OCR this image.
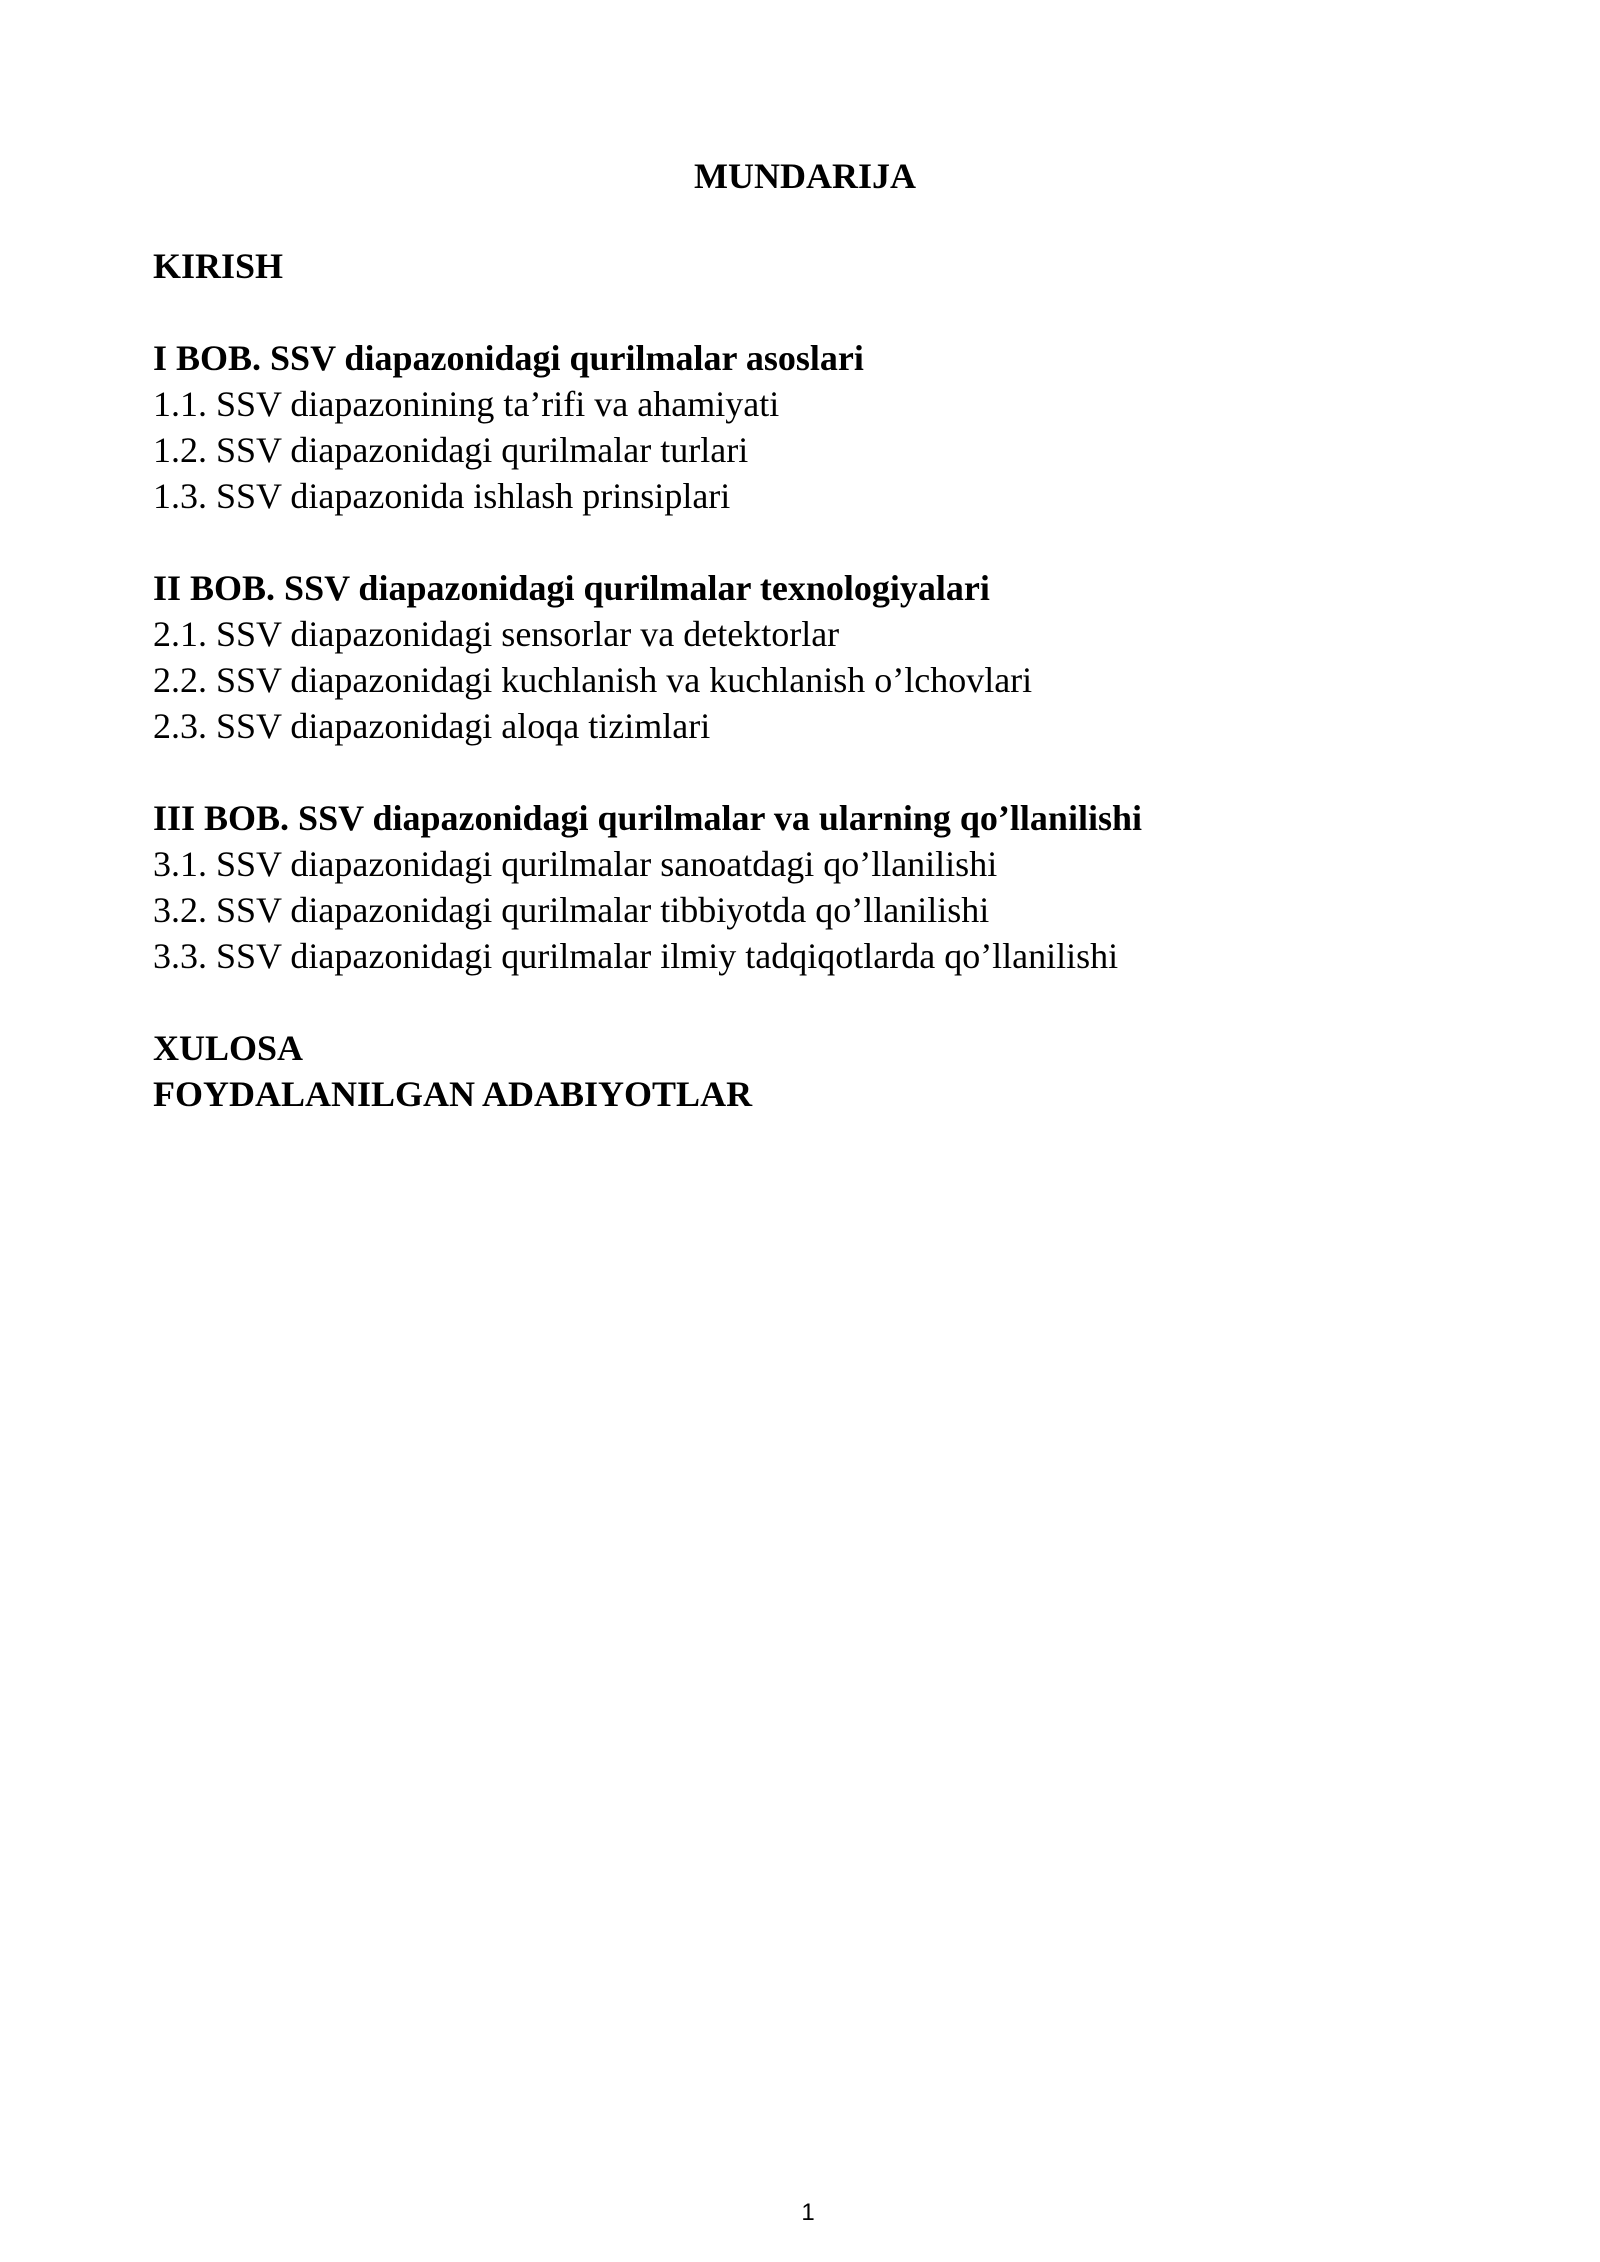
MUNDARIJA

KIRISH

I BOB. SSV diapazonidagi qurilmalar asoslari

1.1. SSV diapazonining ta’rifi va ahamiyati

1.2. SSV diapazonidagi qurilmalar turlari

1.3. SSV diapazonida ishlash prinsiplari

II BOB. SSV diapazonidagi qurilmalar texnologiyalari

2.1. SSV diapazonidagi sensorlar va detektorlar

2.2. SSV diapazonidagi kuchlanish va kuchlanish o’lchovlari

2.3. SSV diapazonidagi aloqa tizimlari

III BOB. SSV diapazonidagi qurilmalar va ularning qo’llanilishi

3.1. SSV diapazonidagi qurilmalar sanoatdagi qo’llanilishi

3.2. SSV diapazonidagi qurilmalar tibbiyotda qo’llanilishi

3.3. SSV diapazonidagi qurilmalar ilmiy tadqiqotlarda qo’llanilishi

XULOSA

FOYDALANILGAN ADABIYOTLAR

1
